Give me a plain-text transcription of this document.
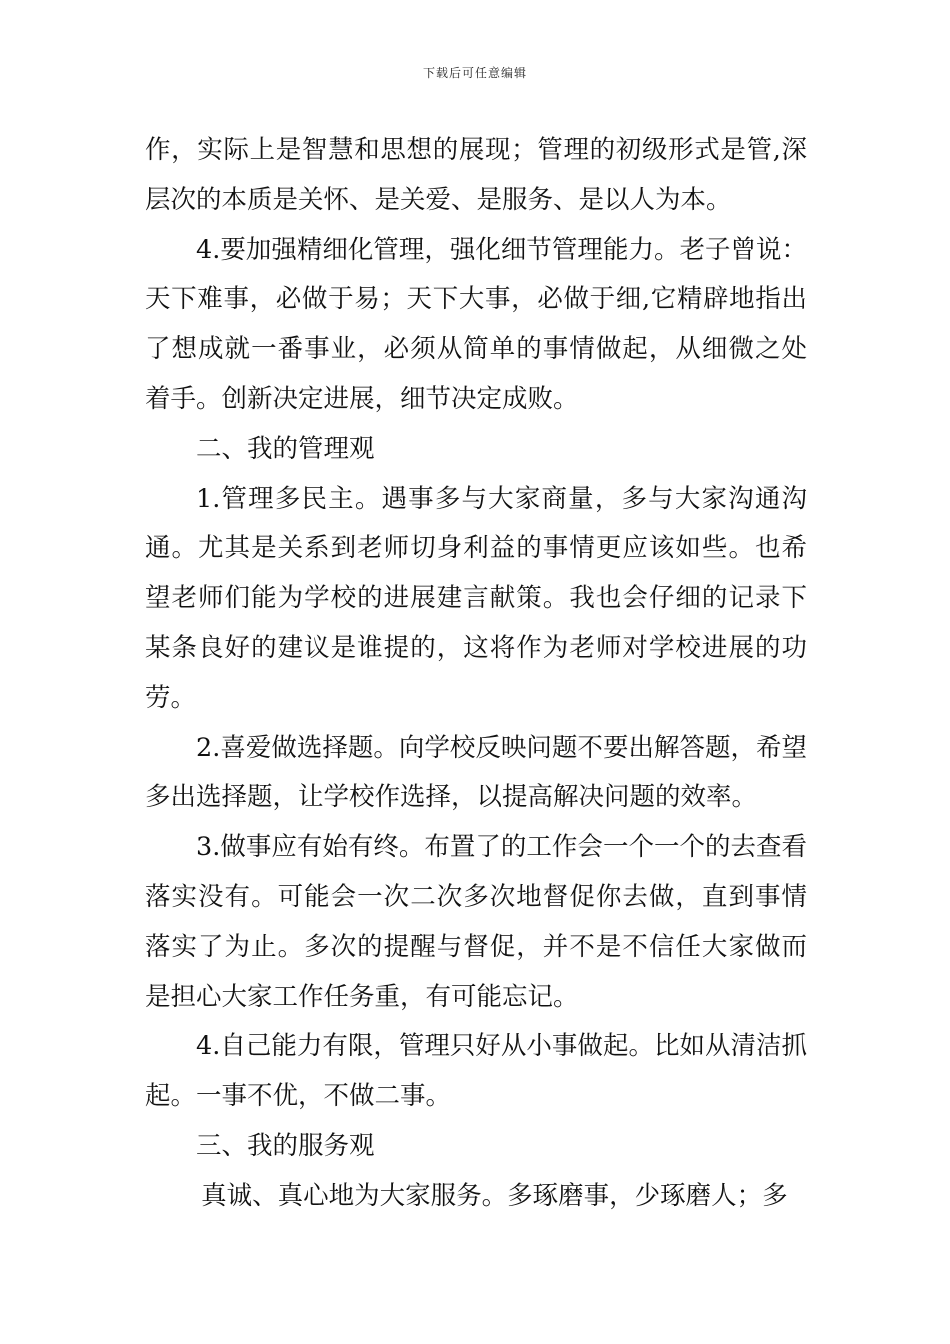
下载后可任意编辑

作，实际上是智慧和思想的展现；管理的初级形式是管,深层次的本质是关怀、是关爱、是服务、是以人为本。

4.要加强精细化管理，强化细节管理能力。老子曾说：天下难事，必做于易；天下大事，必做于细,它精辟地指出了想成就一番事业，必须从简单的事情做起，从细微之处着手。创新决定进展，细节决定成败。

二、我的管理观

1.管理多民主。遇事多与大家商量，多与大家沟通沟通。尤其是关系到老师切身利益的事情更应该如些。也希望老师们能为学校的进展建言献策。我也会仔细的记录下某条良好的建议是谁提的，这将作为老师对学校进展的功劳。

2.喜爱做选择题。向学校反映问题不要出解答题，希望多出选择题，让学校作选择，以提高解决问题的效率。

3.做事应有始有终。布置了的工作会一个一个的去查看落实没有。可能会一次二次多次地督促你去做，直到事情落实了为止。多次的提醒与督促，并不是不信任大家做而是担心大家工作任务重，有可能忘记。

4.自己能力有限，管理只好从小事做起。比如从清洁抓起。一事不优，不做二事。

三、我的服务观

真诚、真心地为大家服务。多琢磨事，少琢磨人；多
